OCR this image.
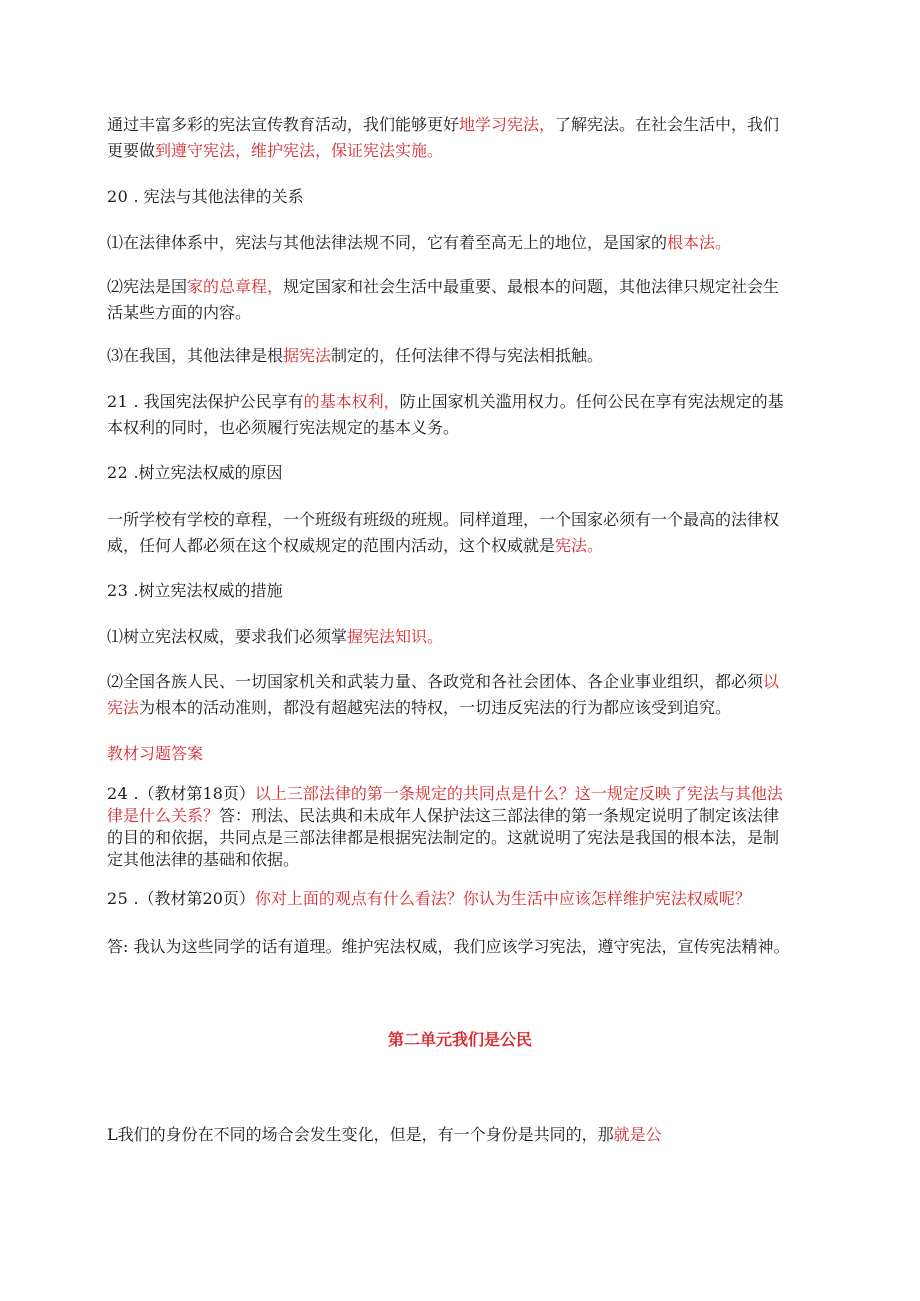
通过丰富多彩的宪法宣传教育活动，我们能够更好地学习宪法，了解宪法。在社会生活中，我们
更要做到遵守宪法，维护宪法，保证宪法实施。

20 . 宪法与其他法律的关系

⑴在法律体系中，宪法与其他法律法规不同，它有着至高无上的地位，是国家的根本法。

⑵宪法是国家的总章程，规定国家和社会生活中最重要、最根本的问题，其他法律只规定社会生
活某些方面的内容。

⑶在我国，其他法律是根据宪法制定的，任何法律不得与宪法相抵触。

21 . 我国宪法保护公民享有的基本权利，防止国家机关滥用权力。任何公民在享有宪法规定的基
本权利的同时，也必须履行宪法规定的基本义务。

22 .树立宪法权威的原因

一所学校有学校的章程，一个班级有班级的班规。同样道理，一个国家必须有一个最高的法律权
威，任何人都必须在这个权威规定的范围内活动，这个权威就是宪法。

23 .树立宪法权威的措施

⑴树立宪法权威，要求我们必须掌握宪法知识。

⑵全国各族人民、一切国家机关和武装力量、各政党和各社会团体、各企业事业组织，都必须以
宪法为根本的活动准则，都没有超越宪法的特权，一切违反宪法的行为都应该受到追究。

教材习题答案

24 .（教材第18页）以上三部法律的第一条规定的共同点是什么？这一规定反映了宪法与其他法
律是什么关系？答：刑法、民法典和未成年人保护法这三部法律的第一条规定说明了制定该法律
的目的和依据，共同点是三部法律都是根据宪法制定的。这就说明了宪法是我国的根本法，是制
定其他法律的基础和依据。

25 .（教材第20页）你对上面的观点有什么看法？你认为生活中应该怎样维护宪法权威呢？

答: 我认为这些同学的话有道理。维护宪法权威，我们应该学习宪法，遵守宪法，宣传宪法精神。

第二单元我们是公民

L我们的身份在不同的场合会发生变化，但是，有一个身份是共同的，那就是公
